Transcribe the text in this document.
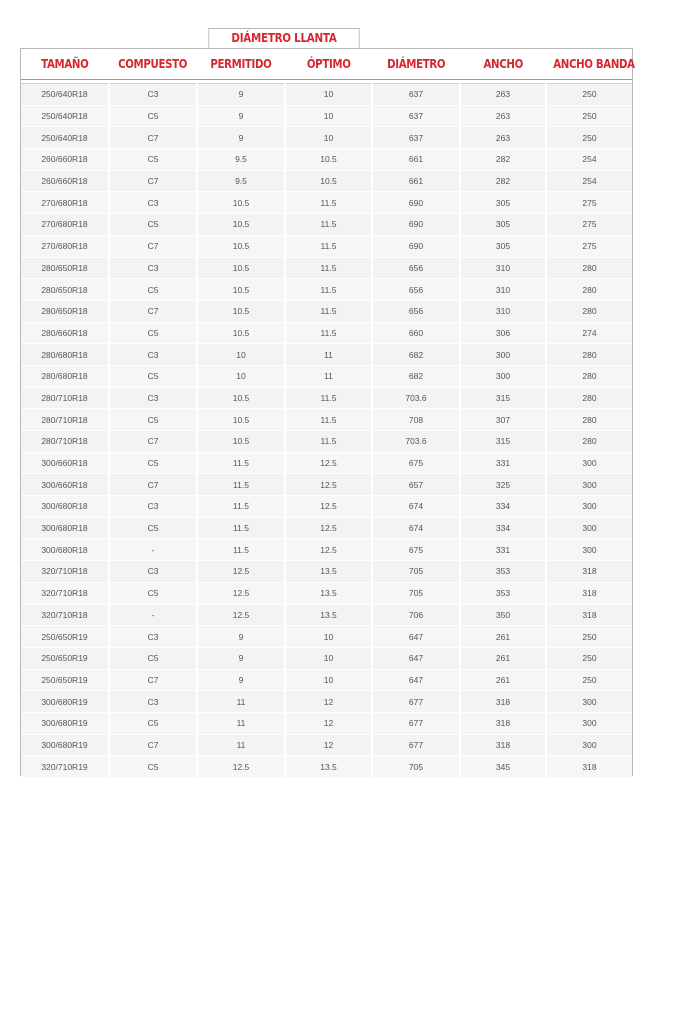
DIÁMETRO LLANTA
TAMAÑO	COMPUESTO	PERMITIDO	ÓPTIMO	DIÁMETRO	ANCHO	ANCHO BANDA

250/640R18	C3	9	10	637	263	250
250/640R18	C5	9	10	637	263	250
250/640R18	C7	9	10	637	263	250
260/660R18	C5	9.5	10.5	661	282	254
260/660R18	C7	9.5	10.5	661	282	254
270/680R18	C3	10.5	11.5	690	305	275
270/680R18	C5	10.5	11.5	690	305	275
270/680R18	C7	10.5	11.5	690	305	275
280/650R18	C3	10.5	11.5	656	310	280
280/650R18	C5	10.5	11.5	656	310	280
280/650R18	C7	10.5	11.5	656	310	280
280/660R18	C5	10.5	11.5	660	306	274
280/680R18	C3	10	11	682	300	280
280/680R18	C5	10	11	682	300	280
280/710R18	C3	10.5	11.5	703.6	315	280
280/710R18	C5	10.5	11.5	708	307	280
280/710R18	C7	10.5	11.5	703.6	315	280
300/660R18	C5	11.5	12.5	675	331	300
300/660R18	C7	11.5	12.5	657	325	300
300/680R18	C3	11.5	12.5	674	334	300
300/680R18	C5	11.5	12.5	674	334	300
300/680R18	-	11.5	12.5	675	331	300
320/710R18	C3	12.5	13.5	705	353	318
320/710R18	C5	12.5	13.5	705	353	318
320/710R18	-	12.5	13.5	706	350	318
250/650R19	C3	9	10	647	261	250
250/650R19	C5	9	10	647	261	250
250/650R19	C7	9	10	647	261	250
300/680R19	C3	11	12	677	318	300
300/680R19	C5	11	12	677	318	300
300/680R19	C7	11	12	677	318	300
320/710R19	C5	12.5	13.5	705	345	318
